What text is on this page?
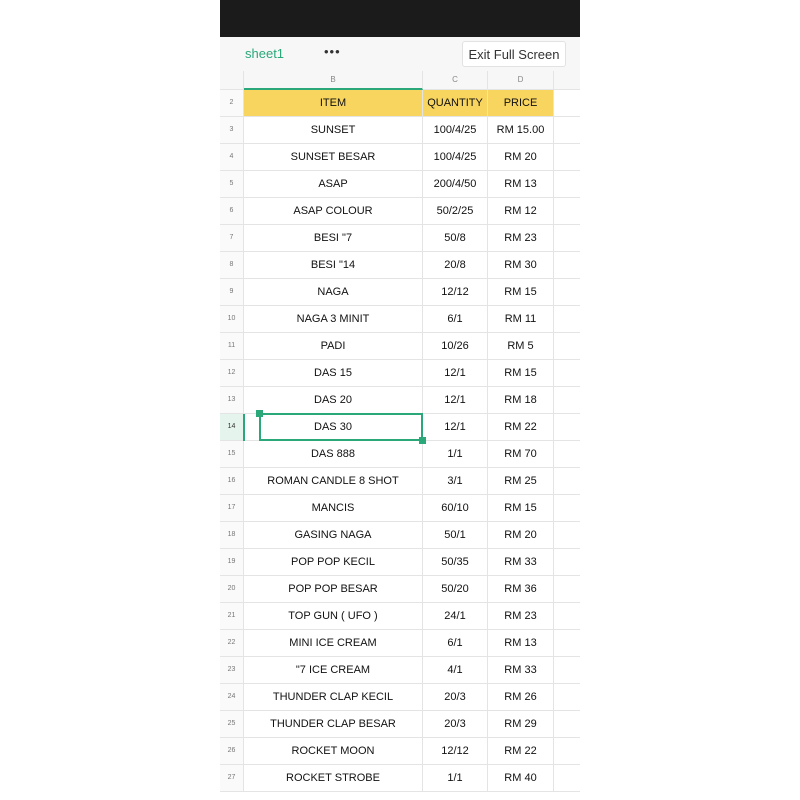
sheet1	•••	Exit Full Screen
B	C	D
2	ITEM	QUANTITY	PRICE
3	SUNSET	100/4/25	RM 15.00
4	SUNSET BESAR	100/4/25	RM 20
5	ASAP	200/4/50	RM 13
6	ASAP COLOUR	50/2/25	RM 12
7	BESI "7	50/8	RM 23
8	BESI "14	20/8	RM 30
9	NAGA	12/12	RM 15
10	NAGA 3 MINIT	6/1	RM 11
11	PADI	10/26	RM 5
12	DAS 15	12/1	RM 15
13	DAS 20	12/1	RM 18
14	DAS 30	12/1	RM 22
15	DAS 888	1/1	RM 70
16	ROMAN CANDLE 8 SHOT	3/1	RM 25
17	MANCIS	60/10	RM 15
18	GASING NAGA	50/1	RM 20
19	POP POP KECIL	50/35	RM 33
20	POP POP BESAR	50/20	RM 36
21	TOP GUN ( UFO )	24/1	RM 23
22	MINI ICE CREAM	6/1	RM 13
23	"7 ICE CREAM	4/1	RM 33
24	THUNDER CLAP KECIL	20/3	RM 26
25	THUNDER CLAP BESAR	20/3	RM 29
26	ROCKET MOON	12/12	RM 22
27	ROCKET STROBE	1/1	RM 40
